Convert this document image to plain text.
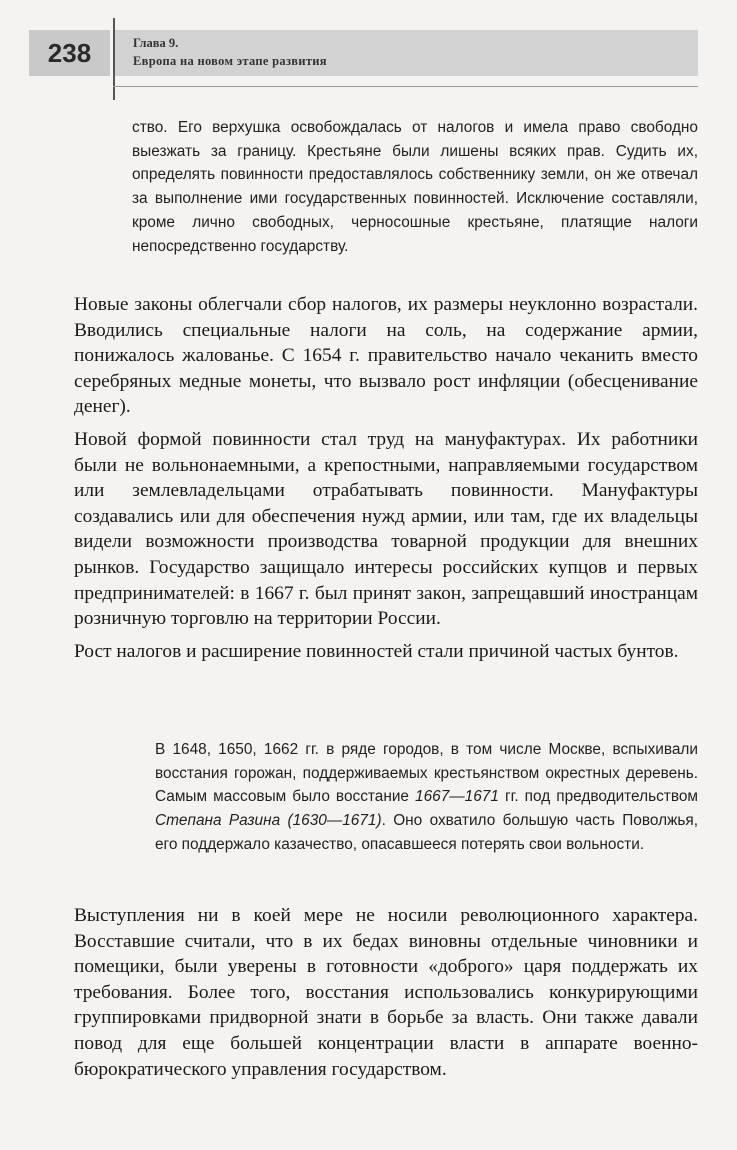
238	Глава 9.
Европа на новом этапе развития

ство. Его верхушка освобождалась от налогов и имела право свободно выезжать за границу. Крестьяне были лишены всяких прав. Судить их, определять повинности предоставлялось собственнику земли, он же отвечал за выполнение ими государственных повинностей. Исключение составляли, кроме лично свободных, черносошные крестьяне, платящие налоги непосредственно государству.

Новые законы облегчали сбор налогов, их размеры неуклонно возрастали. Вводились специальные налоги на соль, на содержание армии, понижалось жалованье. С 1654 г. правительство начало чеканить вместо серебряных медные монеты, что вызвало рост инфляции (обесценивание денег).

Новой формой повинности стал труд на мануфактурах. Их работники были не вольнонаемными, а крепостными, направляемыми государством или землевладельцами отрабатывать повинности. Мануфактуры создавались или для обеспечения нужд армии, или там, где их владельцы видели возможности производства товарной продукции для внешних рынков. Государство защищало интересы российских купцов и первых предпринимателей: в 1667 г. был принят закон, запрещавший иностранцам розничную торговлю на территории России.

Рост налогов и расширение повинностей стали причиной частых бунтов.

В 1648, 1650, 1662 гг. в ряде городов, в том числе Москве, вспыхивали восстания горожан, поддерживаемых крестьянством окрестных деревень. Самым массовым было восстание 1667—1671 гг. под предводительством Степана Разина (1630—1671). Оно охватило большую часть Поволжья, его поддержало казачество, опасавшееся потерять свои вольности.

Выступления ни в коей мере не носили революционного характера. Восставшие считали, что в их бедах виновны отдельные чиновники и помещики, были уверены в готовности «доброго» царя поддержать их требования. Более того, восстания использовались конкурирующими группировками придворной знати в борьбе за власть. Они также давали повод для еще большей концентрации власти в аппарате военно-бюрократического управления государством.
